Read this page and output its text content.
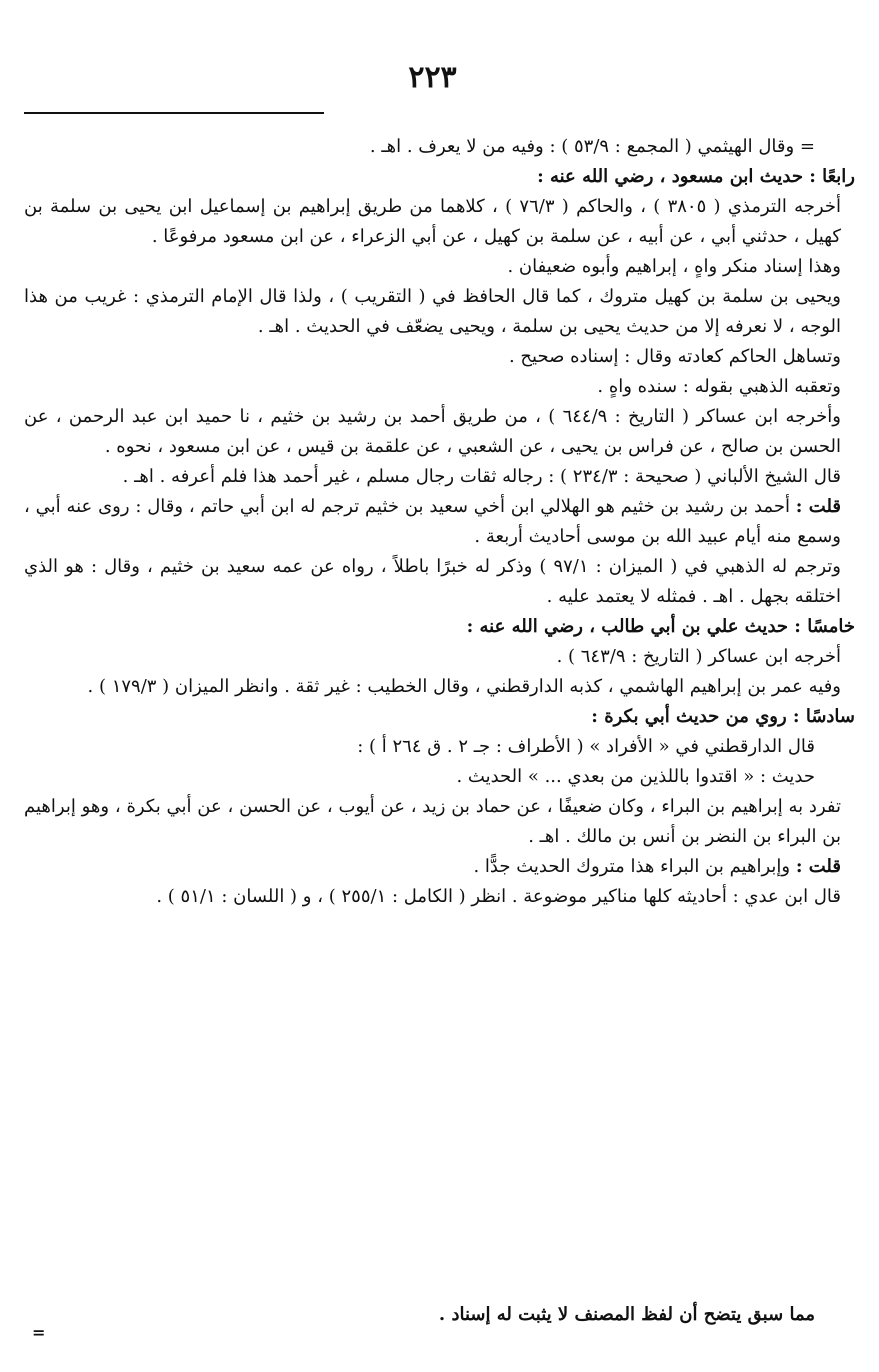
٢٢٣

= وقال الهيثمي ( المجمع : ٥٣/٩ ) : وفيه من لا يعرف . اهـ .

رابعًا : حديث ابن مسعود ، رضي الله عنه :

أخرجه الترمذي ( ٣٨٠٥ ) ، والحاكم ( ٧٦/٣ ) ، كلاهما من طريق إبراهيم بن إسماعيل ابن يحيى بن سلمة بن كهيل ، حدثني أبي ، عن أبيه ، عن سلمة بن كهيل ، عن أبي الزعراء ، عن ابن مسعود مرفوعًا .

وهذا إسناد منكر واهٍ ، إبراهيم وأبوه ضعيفان .

ويحيى بن سلمة بن كهيل متروك ، كما قال الحافظ في ( التقريب ) ، ولذا قال الإمام الترمذي : غريب من هذا الوجه ، لا نعرفه إلا من حديث يحيى بن سلمة ، ويحيى يضعّف في الحديث . اهـ .

وتساهل الحاكم كعادته وقال : إسناده صحيح .

وتعقبه الذهبي بقوله : سنده واهٍ .

وأخرجه ابن عساكر ( التاريخ : ٦٤٤/٩ ) ، من طريق أحمد بن رشيد بن خثيم ، نا حميد ابن عبد الرحمن ، عن الحسن بن صالح ، عن فراس بن يحيى ، عن الشعبي ، عن علقمة بن قيس ، عن ابن مسعود ، نحوه .

قال الشيخ الألباني ( صحيحة : ٢٣٤/٣ ) : رجاله ثقات رجال مسلم ، غير أحمد هذا فلم أعرفه . اهـ .

قلت : أحمد بن رشيد بن خثيم هو الهلالي ابن أخي سعيد بن خثيم ترجم له ابن أبي حاتم ، وقال : روى عنه أبي ، وسمع منه أيام عبيد الله بن موسى أحاديث أربعة .

وترجم له الذهبي في ( الميزان : ٩٧/١ ) وذكر له خبرًا باطلاً ، رواه عن عمه سعيد بن خثيم ، وقال : هو الذي اختلقه بجهل . اهـ . فمثله لا يعتمد عليه .

خامسًا : حديث علي بن أبي طالب ، رضي الله عنه :

أخرجه ابن عساكر ( التاريخ : ٦٤٣/٩ ) .

وفيه عمر بن إبراهيم الهاشمي ، كذبه الدارقطني ، وقال الخطيب : غير ثقة . وانظر الميزان ( ١٧٩/٣ ) .

سادسًا : روي من حديث أبي بكرة :

قال الدارقطني في « الأفراد » ( الأطراف : جـ ٢ . ق ٢٦٤ أ ) :

حديث : « اقتدوا باللذين من بعدي ... » الحديث .

تفرد به إبراهيم بن البراء ، وكان ضعيفًا ، عن حماد بن زيد ، عن أيوب ، عن الحسن ، عن أبي بكرة ، وهو إبراهيم بن البراء بن النضر بن أنس بن مالك . اهـ .

قلت : وإبراهيم بن البراء هذا متروك الحديث جدًّا .

قال ابن عدي : أحاديثه كلها مناكير موضوعة . انظر ( الكامل : ٢٥٥/١ ) ، و ( اللسان : ٥١/١ ) .

مما سبق يتضح أن لفظ المصنف لا يثبت له إسناد .
=
